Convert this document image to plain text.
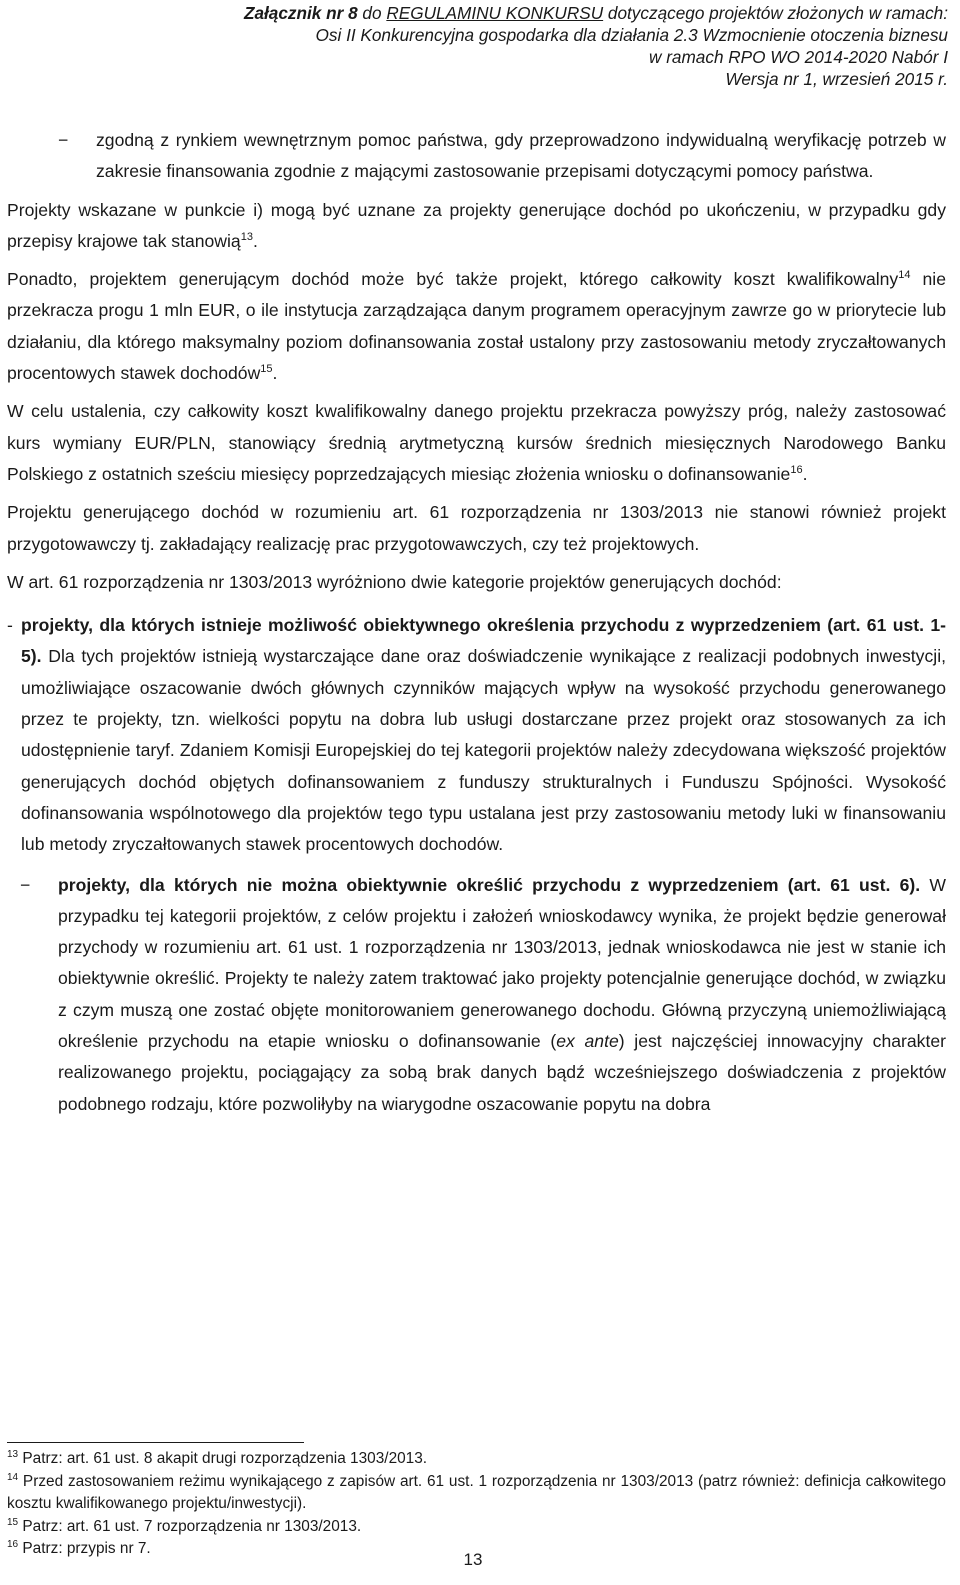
Załącznik nr 8 do REGULAMINU KONKURSU dotyczącego projektów złożonych w ramach:
Osi II Konkurencyjna gospodarka dla działania 2.3 Wzmocnienie otoczenia biznesu
w ramach RPO WO 2014-2020 Nabór I
Wersja nr 1, wrzesień 2015 r.
− zgodną z rynkiem wewnętrznym pomoc państwa, gdy przeprowadzono indywidualną weryfikację potrzeb w zakresie finansowania zgodnie z mającymi zastosowanie przepisami dotyczącymi pomocy państwa.

Projekty wskazane w punkcie i) mogą być uznane za projekty generujące dochód po ukończeniu, w przypadku gdy przepisy krajowe tak stanowią$^{13}$.

Ponadto, projektem generującym dochód może być także projekt, którego całkowity koszt kwalifikowalny$^{14}$ nie przekracza progu 1 mln EUR, o ile instytucja zarządzająca danym programem operacyjnym zawrze go w priorytecie lub działaniu, dla którego maksymalny poziom dofinansowania został ustalony przy zastosowaniu metody zryczałtowanych procentowych stawek dochodów$^{15}$.

W celu ustalenia, czy całkowity koszt kwalifikowalny danego projektu przekracza powyższy próg, należy zastosować kurs wymiany EUR/PLN, stanowiący średnią arytmetyczną kursów średnich miesięcznych Narodowego Banku Polskiego z ostatnich sześciu miesięcy poprzedzających miesiąc złożenia wniosku o dofinansowanie$^{16}$.

Projektu generującego dochód w rozumieniu art. 61 rozporządzenia nr 1303/2013 nie stanowi również projekt przygotowawczy tj. zakładający realizację prac przygotowawczych, czy też projektowych.

W art. 61 rozporządzenia nr 1303/2013 wyróżniono dwie kategorie projektów generujących dochód:

- projekty, dla których istnieje możliwość obiektywnego określenia przychodu z wyprzedzeniem (art. 61 ust. 1-5). Dla tych projektów istnieją wystarczające dane oraz doświadczenie wynikające z realizacji podobnych inwestycji, umożliwiające oszacowanie dwóch głównych czynników mających wpływ na wysokość przychodu generowanego przez te projekty, tzn. wielkości popytu na dobra lub usługi dostarczane przez projekt oraz stosowanych za ich udostępnienie taryf. Zdaniem Komisji Europejskiej do tej kategorii projektów należy zdecydowana większość projektów generujących dochód objętych dofinansowaniem z funduszy strukturalnych i Funduszu Spójności. Wysokość dofinansowania wspólnotowego dla projektów tego typu ustalana jest przy zastosowaniu metody luki w finansowaniu lub metody zryczałtowanych stawek procentowych dochodów.
− projekty, dla których nie można obiektywnie określić przychodu z wyprzedzeniem (art. 61 ust. 6). W przypadku tej kategorii projektów, z celów projektu i założeń wnioskodawcy wynika, że projekt będzie generował przychody w rozumieniu art. 61 ust. 1 rozporządzenia nr 1303/2013, jednak wnioskodawca nie jest w stanie ich obiektywnie określić. Projekty te należy zatem traktować jako projekty potencjalnie generujące dochód, w związku z czym muszą one zostać objęte monitorowaniem generowanego dochodu. Główną przyczyną uniemożliwiającą określenie przychodu na etapie wniosku o dofinansowanie (ex ante) jest najczęściej innowacyjny charakter realizowanego projektu, pociągający za sobą brak danych bądź wcześniejszego doświadczenia z projektów podobnego rodzaju, które pozwoliłyby na wiarygodne oszacowanie popytu na dobra
$^{13}$ Patrz: art. 61 ust. 8 akapit drugi rozporządzenia 1303/2013.
$^{14}$ Przed zastosowaniem reżimu wynikającego z zapisów art. 61 ust. 1 rozporządzenia nr 1303/2013 (patrz również: definicja całkowitego kosztu kwalifikowanego projektu/inwestycji).
$^{15}$ Patrz: art. 61 ust. 7 rozporządzenia nr 1303/2013.
$^{16}$ Patrz: przypis nr 7.
13
